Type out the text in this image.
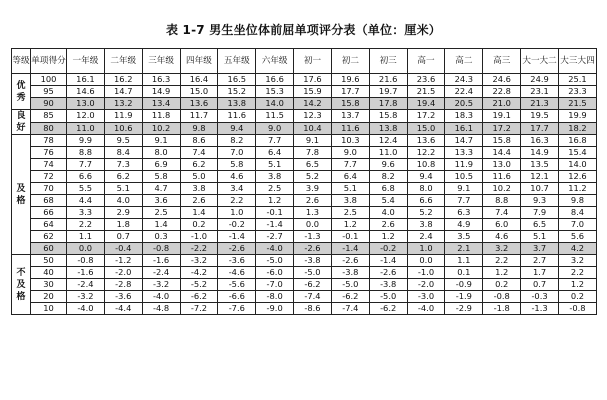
表 1-7 男生坐位体前屈单项评分表（单位：厘米）
等级	单项得分	一年级	二年级	三年级	四年级	五年级	六年级	初一	初二	初三	高一	高二	高三	大一大二	大三大四
优秀	100	16.1	16.2	16.3	16.4	16.5	16.6	17.6	19.6	21.6	23.6	24.3	24.6	24.9	25.1
	95	14.6	14.7	14.9	15.0	15.2	15.3	15.9	17.7	19.7	21.5	22.4	22.8	23.1	23.3
	90	13.0	13.2	13.4	13.6	13.8	14.0	14.2	15.8	17.8	19.4	20.5	21.0	21.3	21.5
良好	85	12.0	11.9	11.8	11.7	11.6	11.5	12.3	13.7	15.8	17.2	18.3	19.1	19.5	19.9
	80	11.0	10.6	10.2	9.8	9.4	9.0	10.4	11.6	13.8	15.0	16.1	17.2	17.7	18.2
及格	78	9.9	9.5	9.1	8.6	8.2	7.7	9.1	10.3	12.4	13.6	14.7	15.8	16.3	16.8
	76	8.8	8.4	8.0	7.4	7.0	6.4	7.8	9.0	11.0	12.2	13.3	14.4	14.9	15.4
	74	7.7	7.3	6.9	6.2	5.8	5.1	6.5	7.7	9.6	10.8	11.9	13.0	13.5	14.0
	72	6.6	6.2	5.8	5.0	4.6	3.8	5.2	6.4	8.2	9.4	10.5	11.6	12.1	12.6
	70	5.5	5.1	4.7	3.8	3.4	2.5	3.9	5.1	6.8	8.0	9.1	10.2	10.7	11.2
	68	4.4	4.0	3.6	2.6	2.2	1.2	2.6	3.8	5.4	6.6	7.7	8.8	9.3	9.8
	66	3.3	2.9	2.5	1.4	1.0	-0.1	1.3	2.5	4.0	5.2	6.3	7.4	7.9	8.4
	64	2.2	1.8	1.4	0.2	-0.2	-1.4	0.0	1.2	2.6	3.8	4.9	6.0	6.5	7.0
	62	1.1	0.7	0.3	-1.0	-1.4	-2.7	-1.3	-0.1	1.2	2.4	3.5	4.6	5.1	5.6
	60	0.0	-0.4	-0.8	-2.2	-2.6	-4.0	-2.6	-1.4	-0.2	1.0	2.1	3.2	3.7	4.2
不及格	50	-0.8	-1.2	-1.6	-3.2	-3.6	-5.0	-3.8	-2.6	-1.4	0.0	1.1	2.2	2.7	3.2
	40	-1.6	-2.0	-2.4	-4.2	-4.6	-6.0	-5.0	-3.8	-2.6	-1.0	0.1	1.2	1.7	2.2
	30	-2.4	-2.8	-3.2	-5.2	-5.6	-7.0	-6.2	-5.0	-3.8	-2.0	-0.9	0.2	0.7	1.2
	20	-3.2	-3.6	-4.0	-6.2	-6.6	-8.0	-7.4	-6.2	-5.0	-3.0	-1.9	-0.8	-0.3	0.2
	10	-4.0	-4.4	-4.8	-7.2	-7.6	-9.0	-8.6	-7.4	-6.2	-4.0	-2.9	-1.8	-1.3	-0.8
